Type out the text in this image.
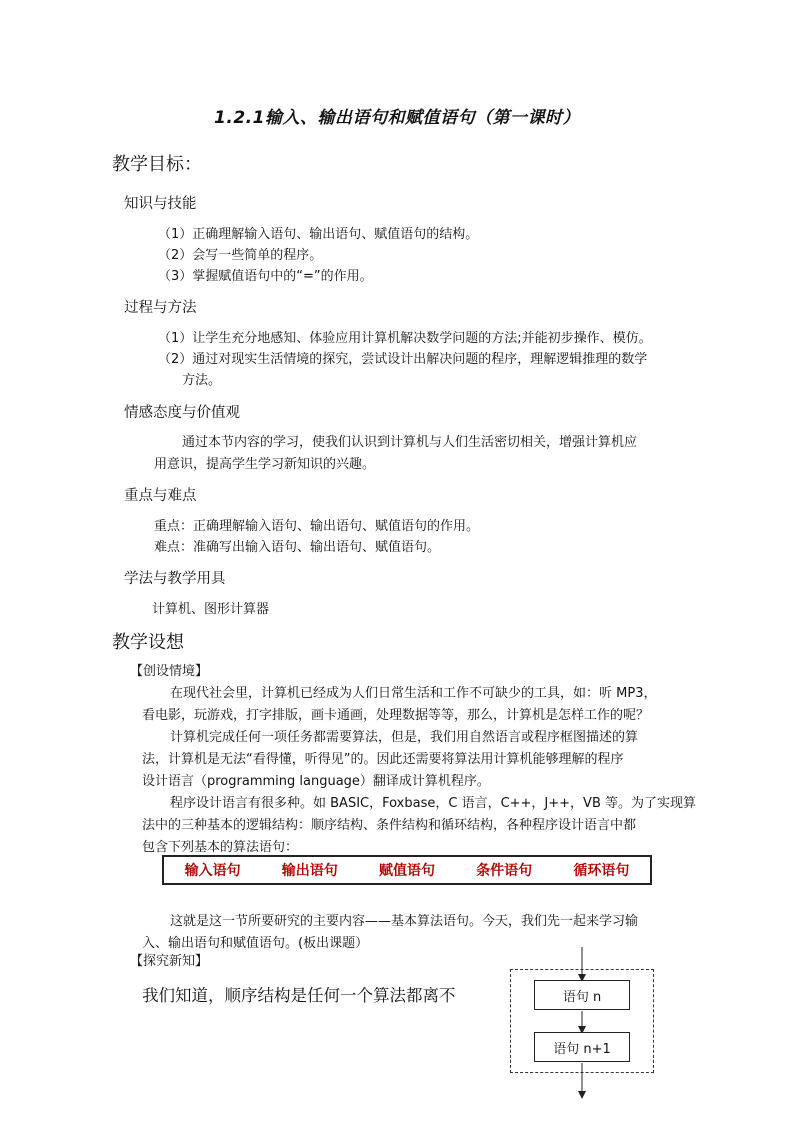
1.2.1输入、输出语句和赋值语句（第一课时）
教学目标：
知识与技能
（1）正确理解输入语句、输出语句、赋值语句的结构。
（2）会写一些简单的程序。
（3）掌握赋值语句中的“=”的作用。
过程与方法
（1）让学生充分地感知、体验应用计算机解决数学问题的方法;并能初步操作、模仿。
（2）通过对现实生活情境的探究，尝试设计出解决问题的程序，理解逻辑推理的数学
方法。
情感态度与价值观
通过本节内容的学习，使我们认识到计算机与人们生活密切相关，增强计算机应
用意识，提高学生学习新知识的兴趣。
重点与难点
重点：正确理解输入语句、输出语句、赋值语句的作用。
难点：准确写出输入语句、输出语句、赋值语句。
学法与教学用具
计算机、图形计算器
教学设想
【创设情境】
在现代社会里，计算机已经成为人们日常生活和工作不可缺少的工具，如：听 MP3，
看电影，玩游戏，打字排版，画卡通画，处理数据等等，那么，计算机是怎样工作的呢？
计算机完成任何一项任务都需要算法，但是，我们用自然语言或程序框图描述的算
法，计算机是无法“看得懂，听得见”的。因此还需要将算法用计算机能够理解的程序
设计语言（programming language）翻译成计算机程序。
程序设计语言有很多种。如 BASIC，Foxbase，C 语言，C++，J++，VB 等。为了实现算
法中的三种基本的逻辑结构：顺序结构、条件结构和循环结构，各种程序设计语言中都
包含下列基本的算法语句：
输入语句	输出语句	赋值语句	条件语句	循环语句
这就是这一节所要研究的主要内容——基本算法语句。今天，我们先一起来学习输
入、输出语句和赋值语句。(板出课题）
【探究新知】
我们知道，顺序结构是任何一个算法都离不	语句 n
语句 n+1
